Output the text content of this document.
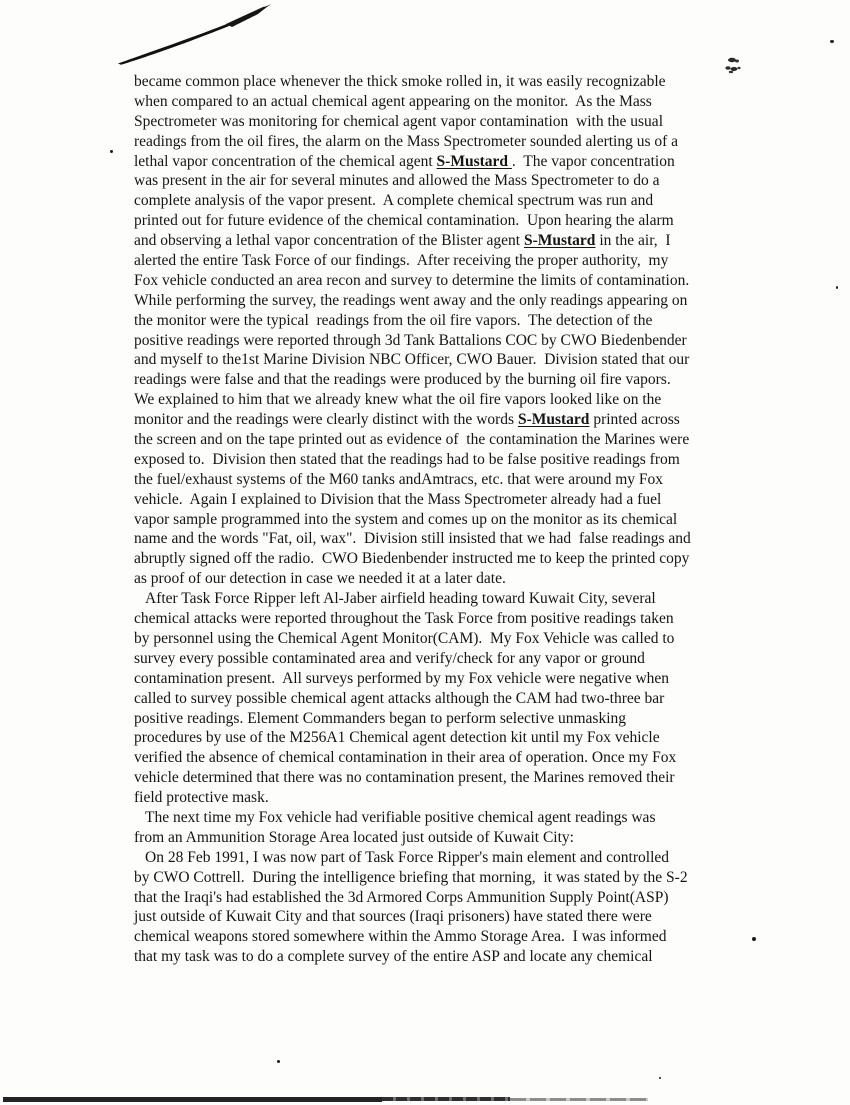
became common place whenever the thick smoke rolled in, it was easily recognizable
when compared to an actual chemical agent appearing on the monitor.  As the Mass
Spectrometer was monitoring for chemical agent vapor contamination  with the usual
readings from the oil fires, the alarm on the Mass Spectrometer sounded alerting us of a
lethal vapor concentration of the chemical agent S-Mustard .  The vapor concentration
was present in the air for several minutes and allowed the Mass Spectrometer to do a
complete analysis of the vapor present.  A complete chemical spectrum was run and
printed out for future evidence of the chemical contamination.  Upon hearing the alarm
and observing a lethal vapor concentration of the Blister agent S-Mustard in the air,  I
alerted the entire Task Force of our findings.  After receiving the proper authority,  my
Fox vehicle conducted an area recon and survey to determine the limits of contamination.
While performing the survey, the readings went away and the only readings appearing on
the monitor were the typical  readings from the oil fire vapors.  The detection of the
positive readings were reported through 3d Tank Battalions COC by CWO Biedenbender
and myself to the1st Marine Division NBC Officer, CWO Bauer.  Division stated that our
readings were false and that the readings were produced by the burning oil fire vapors.
We explained to him that we already knew what the oil fire vapors looked like on the
monitor and the readings were clearly distinct with the words S-Mustard printed across
the screen and on the tape printed out as evidence of  the contamination the Marines were
exposed to.  Division then stated that the readings had to be false positive readings from
the fuel/exhaust systems of the M60 tanks andAmtracs, etc. that were around my Fox
vehicle.  Again I explained to Division that the Mass Spectrometer already had a fuel
vapor sample programmed into the system and comes up on the monitor as its chemical
name and the words "Fat, oil, wax".  Division still insisted that we had  false readings and
abruptly signed off the radio.  CWO Biedenbender instructed me to keep the printed copy
as proof of our detection in case we needed it at a later date.
After Task Force Ripper left Al-Jaber airfield heading toward Kuwait City, several
chemical attacks were reported throughout the Task Force from positive readings taken
by personnel using the Chemical Agent Monitor(CAM).  My Fox Vehicle was called to
survey every possible contaminated area and verify/check for any vapor or ground
contamination present.  All surveys performed by my Fox vehicle were negative when
called to survey possible chemical agent attacks although the CAM had two-three bar
positive readings. Element Commanders began to perform selective unmasking
procedures by use of the M256A1 Chemical agent detection kit until my Fox vehicle
verified the absence of chemical contamination in their area of operation. Once my Fox
vehicle determined that there was no contamination present, the Marines removed their
field protective mask.
The next time my Fox vehicle had verifiable positive chemical agent readings was
from an Ammunition Storage Area located just outside of Kuwait City:
On 28 Feb 1991, I was now part of Task Force Ripper's main element and controlled
by CWO Cottrell.  During the intelligence briefing that morning,  it was stated by the S-2
that the Iraqi's had established the 3d Armored Corps Ammunition Supply Point(ASP)
just outside of Kuwait City and that sources (Iraqi prisoners) have stated there were
chemical weapons stored somewhere within the Ammo Storage Area.  I was informed
that my task was to do a complete survey of the entire ASP and locate any chemical
